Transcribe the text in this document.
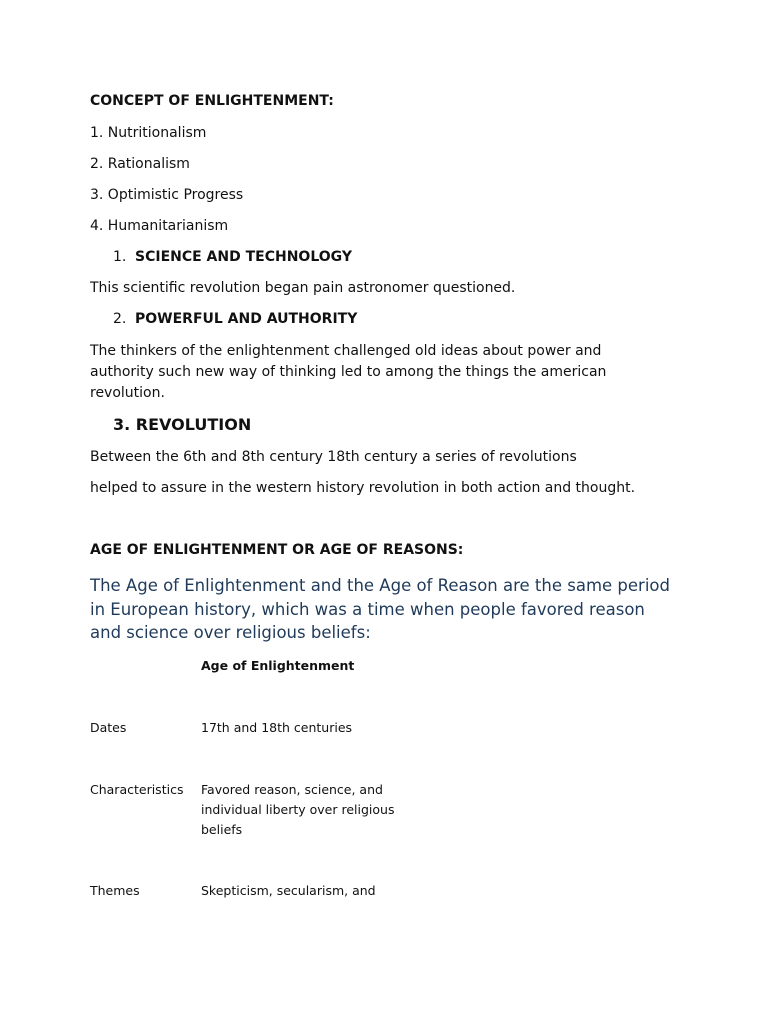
CONCEPT OF ENLIGHTENMENT:
1. Nutritionalism
2. Rationalism
3. Optimistic Progress
4. Humanitarianism
1. SCIENCE AND TECHNOLOGY
This scientific revolution began pain astronomer questioned.
2. POWERFUL AND AUTHORITY
The thinkers of the enlightenment challenged old ideas about power and authority such new way of thinking led to among the things the american revolution.
3. REVOLUTION
Between the 6th and 8th century 18th century a series of revolutions
helped to assure in the western history revolution in both action and thought.
AGE OF ENLIGHTENMENT OR AGE OF REASONS:
The Age of Enlightenment and the Age of Reason are the same period in European history, which was a time when people favored reason and science over religious beliefs:
	Age of Enlightenment
Dates	17th and 18th centuries
Characteristics	Favored reason, science, and individual liberty over religious beliefs
Themes	Skepticism, secularism, and
